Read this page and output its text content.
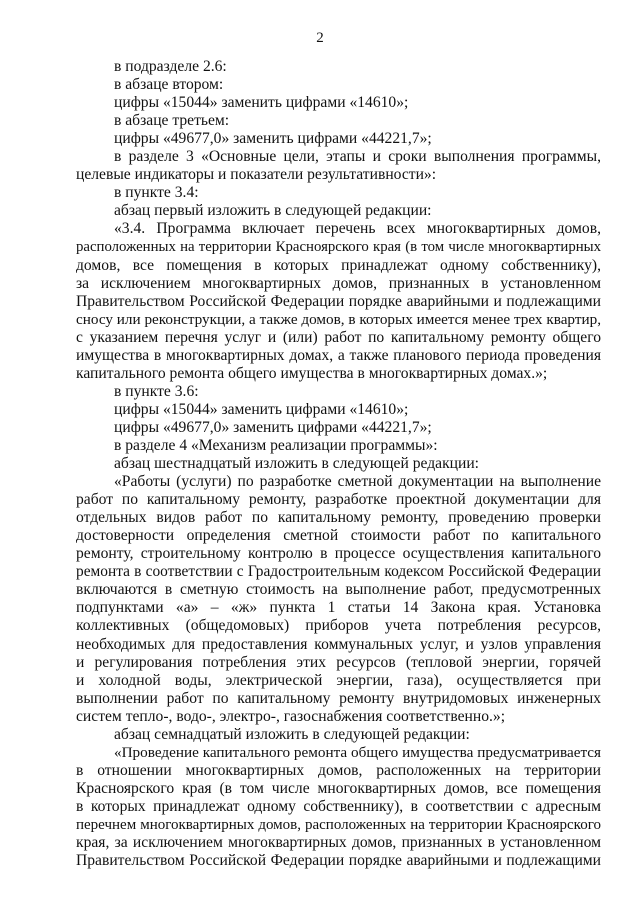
2
в подразделе 2.6:
в абзаце втором:
цифры «15044» заменить цифрами «14610»;
в абзаце третьем:
цифры «49677,0» заменить цифрами «44221,7»;
в разделе 3 «Основные цели, этапы и сроки выполнения программы,
целевые индикаторы и показатели результативности»:
в пункте 3.4:
абзац первый изложить в следующей редакции:
«3.4. Программа включает перечень всех многоквартирных домов,
расположенных на территории Красноярского края (в том числе многоквартирных
домов, все помещения в которых принадлежат одному собственнику),
за исключением многоквартирных домов, признанных в установленном
Правительством Российской Федерации порядке аварийными и подлежащими
сносу или реконструкции, а также домов, в которых имеется менее трех квартир,
с указанием перечня услуг и (или) работ по капитальному ремонту общего
имущества в многоквартирных домах, а также планового периода проведения
капитального ремонта общего имущества в многоквартирных домах.»;
в пункте 3.6:
цифры «15044» заменить цифрами «14610»;
цифры «49677,0» заменить цифрами «44221,7»;
в разделе 4 «Механизм реализации программы»:
абзац шестнадцатый изложить в следующей редакции:
«Работы (услуги) по разработке сметной документации на выполнение
работ по капитальному ремонту, разработке проектной документации для
отдельных видов работ по капитальному ремонту, проведению проверки
достоверности определения сметной стоимости работ по капитального
ремонту, строительному контролю в процессе осуществления капитального
ремонта в соответствии с Градостроительным кодексом Российской Федерации
включаются в сметную стоимость на выполнение работ, предусмотренных
подпунктами «а» – «ж» пункта 1 статьи 14 Закона края. Установка
коллективных (общедомовых) приборов учета потребления ресурсов,
необходимых для предоставления коммунальных услуг, и узлов управления
и регулирования потребления этих ресурсов (тепловой энергии, горячей
и холодной воды, электрической энергии, газа), осуществляется при
выполнении работ по капитальному ремонту внутридомовых инженерных
систем тепло-, водо-, электро-, газоснабжения соответственно.»;
абзац семнадцатый изложить в следующей редакции:
«Проведение капитального ремонта общего имущества предусматривается
в отношении многоквартирных домов, расположенных на территории
Красноярского края (в том числе многоквартирных домов, все помещения
в которых принадлежат одному собственнику), в соответствии с адресным
перечнем многоквартирных домов, расположенных на территории Красноярского
края, за исключением многоквартирных домов, признанных в установленном
Правительством Российской Федерации порядке аварийными и подлежащими
